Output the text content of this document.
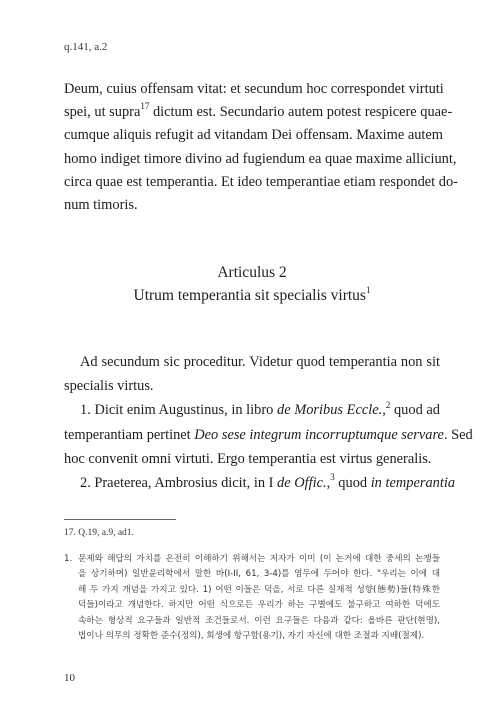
q.141, a.2
Deum, cuius offensam vitat: et secundum hoc correspondet virtuti
spei, ut supra$^{17}$ dictum est. Secundario autem potest respicere quae-
cumque aliquis refugit ad vitandam Dei offensam. Maxime autem
homo indiget timore divino ad fugiendum ea quae maxime alliciunt,
circa quae est temperantia. Et ideo temperantiae etiam respondet do-
num timoris.
Articulus 2
Utrum temperantia sit specialis virtus$^1$
Ad secundum sic proceditur. Videtur quod temperantia non sit
specialis virtus.
1. Dicit enim Augustinus, in libro de Moribus Eccle.,$^2$ quod ad
temperantiam pertinet Deo sese integrum incorruptumque servare. Sed
hoc convenit omni virtuti. Ergo temperantia est virtus generalis.
2. Praeterea, Ambrosius dicit, in I de Offic.,$^3$ quod in temperantia
17. Q.19, a.9, ad1.
1. 문제와 해답의 가치를 온전히 이해하기 위해서는 저자가 이미 (이 논거에 대한 중세의 논쟁들
을 상기하며) 일반윤리학에서 말한 바(I-II, 61, 3-4)를 염두에 두어야 한다. "우리는 이에 대
해 두 가지 개념을 가지고 있다. 1) 어떤 이들은 덕을, 서로 다른 실재적 성향(態勢)들(特殊한
덕들)이라고 개념한다. 하지만 어떤 식으로든 우리가 하는 구별에도 불구하고 여하한 덕에도
속하는 형상적 요구들과 일반적 조건들로서. 이런 요구들은 다음과 같다: 올바른 판단(현명),
법이나 의무의 정확한 준수(정의), 희생에 항구함(용기), 자기 자신에 대한 조절과 지배(절제).
10
